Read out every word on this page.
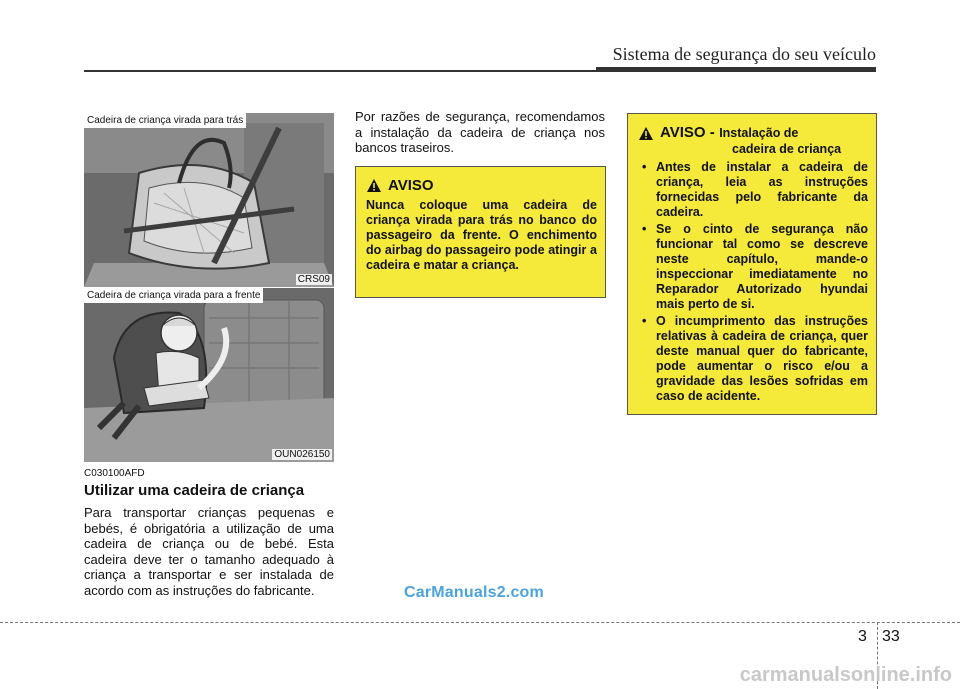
Sistema de segurança do seu veículo
Cadeira de criança virada para trás
CRS09
Cadeira de criança virada para a frente
OUN026150
C030100AFD
Utilizar uma cadeira de criança
Para transportar crianças pequenas e bebés, é obrigatória a utilização de uma cadeira de criança ou de bebé. Esta cadeira deve ter o tamanho adequado à criança a transportar e ser instalada de acordo com as instruções do fabricante.
Por razões de segurança, recomendamos a instalação da cadeira de criança nos bancos traseiros.
AVISO
Nunca coloque uma cadeira de criança virada para trás no banco do passageiro da frente. O enchimento do airbag do passageiro pode atingir a cadeira e matar a criança.
AVISO - Instalação de
cadeira de criança
• Antes de instalar a cadeira de criança, leia as instruções fornecidas pelo fabricante da cadeira.
• Se o cinto de segurança não funcionar tal como se descreve neste capítulo, mande-o inspeccionar imediatamente no Reparador Autorizado hyundai mais perto de si.
• O incumprimento das instruções relativas à cadeira de criança, quer deste manual quer do fabricante, pode aumentar o risco e/ou a gravidade das lesões sofridas em caso de acidente.
CarManuals2.com
3 33
carmanualsonline.info
